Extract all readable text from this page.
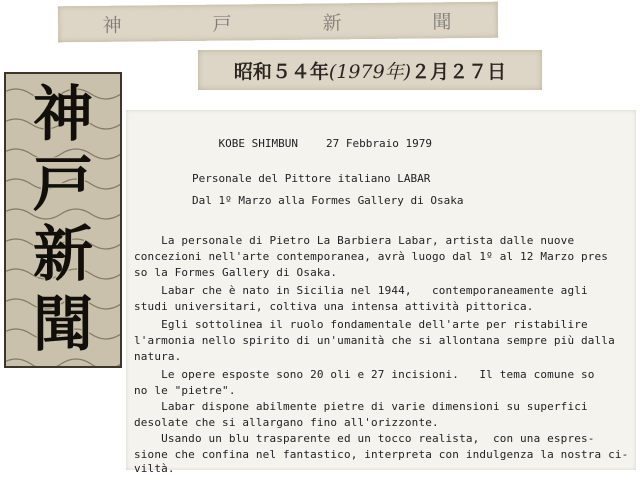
神	戸	新	聞
昭和５４年 (1979年) ２月２７日
神
戸
新
聞

KOBE SHIMBUN	27 Febbraio 1979

Personale del Pittore italiano LABAR
Dal 1º Marzo alla Formes Gallery di Osaka
La personale di Pietro La Barbiera Labar, artista dalle nuove
concezioni nell'arte contemporanea, avrà luogo dal 1º al 12 Marzo pres
so la Formes Gallery di Osaka.
Labar che è nato in Sicilia nel 1944,   contemporaneamente agli
studi universitari, coltiva una intensa attività pittorica.
Egli sottolinea il ruolo fondamentale dell'arte per ristabilire
l'armonia nello spirito di un'umanità che si allontana sempre più dalla
natura.
Le opere esposte sono 20 oli e 27 incisioni.   Il tema comune so
no le "pietre".
Labar dispone abilmente pietre di varie dimensioni su superfici
desolate che si allargano fino all'orizzonte.
Usando un blu trasparente ed un tocco realista,  con una espres-
sione che confina nel fantastico, interpreta con indulgenza la nostra ci-
viltà.
